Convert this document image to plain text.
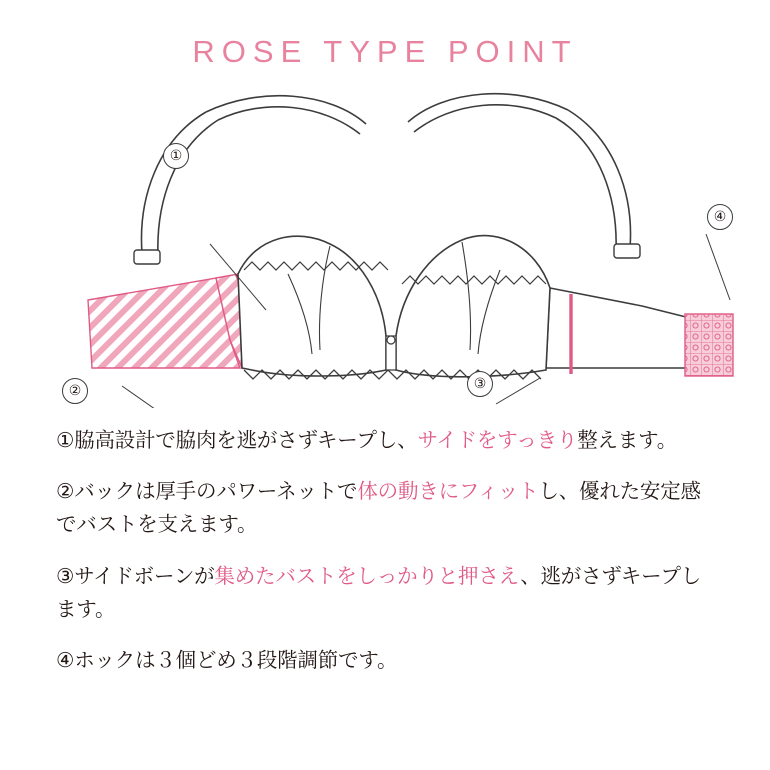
ROSE TYPE POINT
①
②	③
④
①脇高設計で脇肉を逃がさずキープし、サイドをすっきり整えます。
②バックは厚手のパワーネットで体の動きにフィットし、優れた安定感でバストを支えます。
③サイドボーンが集めたバストをしっかりと押さえ、逃がさずキープします。
④ホックは３個どめ３段階調節です。
